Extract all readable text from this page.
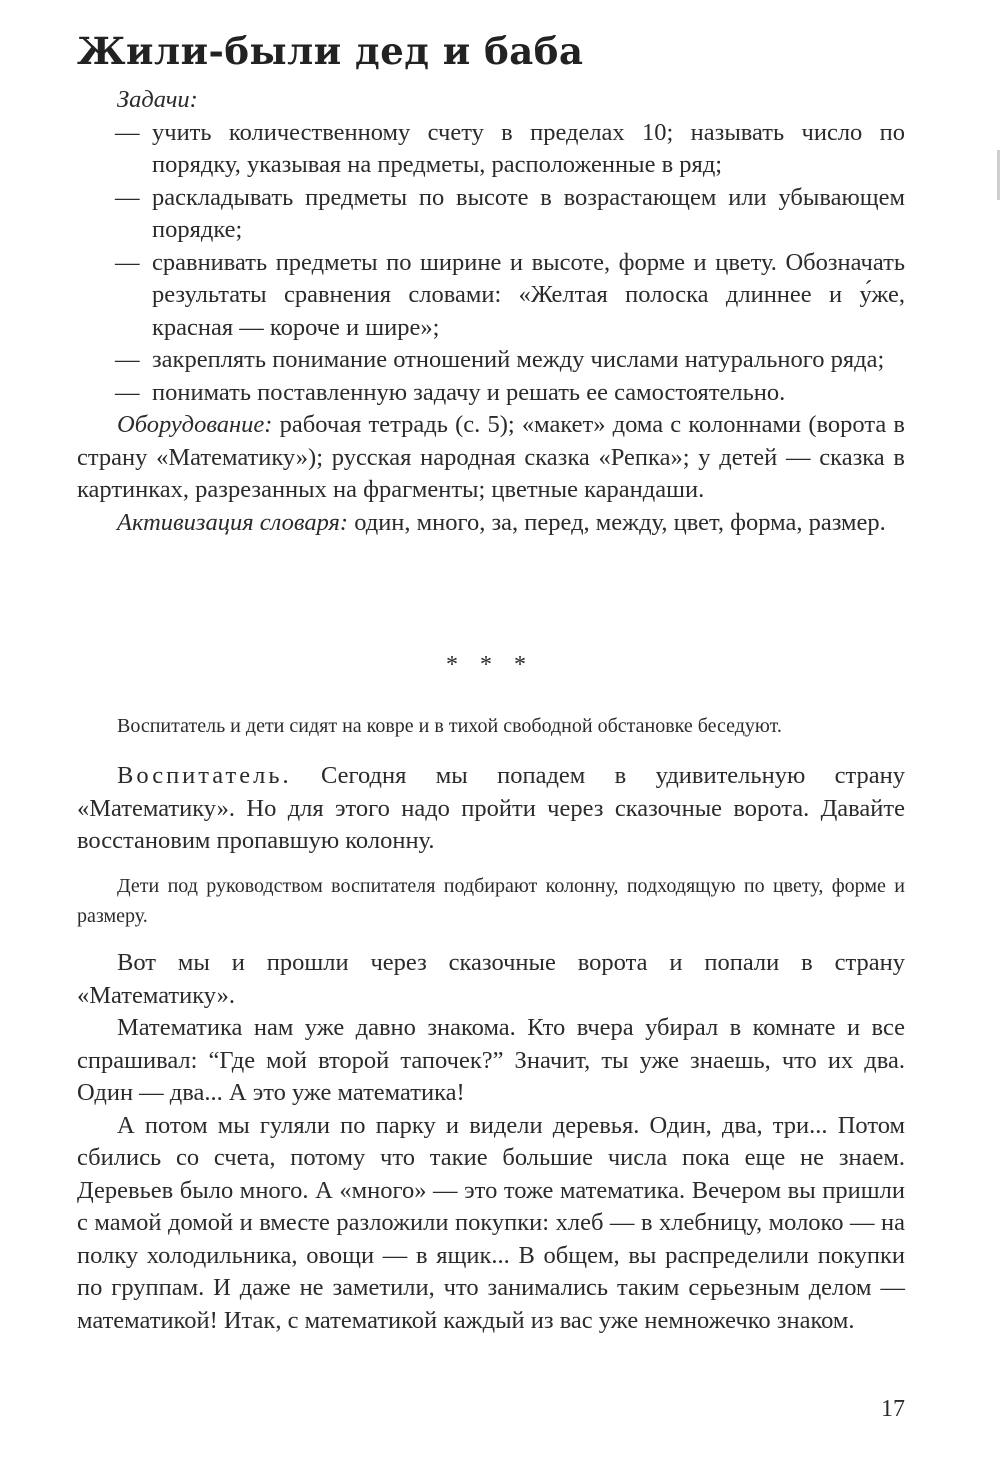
Жили-были дед и баба

Задачи:

— учить количественному счету в пределах 10; называть число по порядку, указывая на предметы, расположенные в ряд;
— раскладывать предметы по высоте в возрастающем или убывающем порядке;
— сравнивать предметы по ширине и высоте, форме и цвету. Обозначать результаты сравнения словами: «Желтая полоска длиннее и у́же, красная — короче и шире»;
— закреплять понимание отношений между числами натурального ряда;
— понимать поставленную задачу и решать ее самостоятельно.

Оборудование: рабочая тетрадь (с. 5); «макет» дома с колоннами (ворота в страну «Математику»); русская народная сказка «Репка»; у детей — сказка в картинках, разрезанных на фрагменты; цветные карандаши.

Активизация словаря: один, много, за, перед, между, цвет, форма, размер.

* * *

Воспитатель и дети сидят на ковре и в тихой свободной обстановке беседуют.

Воспитатель. Сегодня мы попадем в удивительную страну «Математику». Но для этого надо пройти через сказочные ворота. Давайте восстановим пропавшую колонну.

Дети под руководством воспитателя подбирают колонну, подходящую по цвету, форме и размеру.

Вот мы и прошли через сказочные ворота и попали в страну «Математику».

Математика нам уже давно знакома. Кто вчера убирал в комнате и все спрашивал: “Где мой второй тапочек?” Значит, ты уже знаешь, что их два. Один — два... А это уже математика!

А потом мы гуляли по парку и видели деревья. Один, два, три... Потом сбились со счета, потому что такие большие числа пока еще не знаем. Деревьев было много. А «много» — это тоже математика. Вечером вы пришли с мамой домой и вместе разложили покупки: хлеб — в хлебницу, молоко — на полку холодильника, овощи — в ящик... В общем, вы распределили покупки по группам. И даже не заметили, что занимались таким серьезным делом — математикой! Итак, с математикой каждый из вас уже немножечко знаком.

17
